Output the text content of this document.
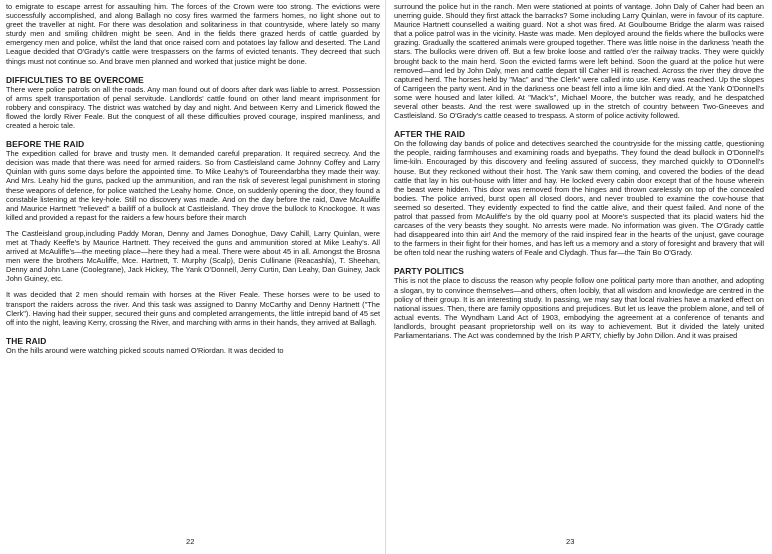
to emigrate to escape arrest for assaulting him. The forces of the Crown were too strong. The evictions were successfully accomplished, and along Ballagh no cosy fires warmed the farmers homes, no light shone out to greet the traveller at night. For there was desolation and solitariness in that countryside, where lately so many sturdy men and smiling children might be seen. And in the fields there grazed herds of cattle guarded by emergency men and police, whilst the land that once raised corn and potatoes lay fallow and deserted. The Land League decided that O'Grady's cattle were trespassers on the farms of evicted tenants. They decreed that such things must not continue so. And brave men planned and worked that justice might be done.

DIFFICULTIES TO BE OVERCOME

There were police patrols on all the roads. Any man found out of doors after dark was liable to arrest. Possession of arms spelt transportation of penal servitude. Landlords' cattle found on other land meant imprisonment for robbery and conspiracy. The district was watched by day and night. And between Kerry and Limerick flowed the flowed the lordly River Feale. But the conquest of all these difficulties proved courage, inspired manliness, and created a heroic tale.

BEFORE THE RAID

The expedition called for brave and trusty men. It demanded careful preparation. It required secrecy. And the decision was made that there was need for armed raiders. So from Castleisland came Johnny Coffey and Larry Quinlan with guns some days before the appointed time. To Mike Leahy's of Toureendarbha they made their way. And Mrs. Leahy hid the guns, packed up the ammunition, and ran the risk of severest legal punishment in storing these weapons of defence, for police watched the Leahy home. Once, on suddenly opening the door, they found a constable listening at the key-hole. Still no discovery was made. And on the day before the raid, Dave McAuliffe and Maurice Hartnett "relieved" a bailiff of a bullock at Castleisland. They drove the bullock to Knockogoe. It was killed and provided a repast for the raiders a few hours before their march

The Castleisland group,including Paddy Moran, Denny and James Donoghue, Davy Cahill, Larry Quinlan, were met at Thady Keeffe's by Maurice Hartnett. They received the guns and ammunition stored at Mike Leahy's. All arrived at McAuliffe's—the meeting place—here they had a meal. There were about 45 in all. Amongst the Brosna men were the brothers McAuliffe, Mce. Hartnett, T. Murphy (Scalp), Denis Cullinane (Reacashla), T. Sheehan, Denny and John Lane (Coolegrane), Jack Hickey, The Yank O'Donnell, Jerry Curtin, Dan Leahy, Dan Guiney, Jack John Guiney, etc.

It was decided that 2 men should remain with horses at the River Feale. These horses were to be used to transport the raiders across the river. And this task was assigned to Danny McCarthy and Denny Hartnett ("The Clerk"). Having had their supper, secured their guns and completed arrangements, the little intrepid band of 45 set off into the night, leaving Kerry, crossing the River, and marching with arms in their hands, they arrived at Ballagh.

THE RAID

On the hills around were watching picked scouts named O'Riordan. It was decided to

22

surround the police hut in the ranch. Men were stationed at points of vantage. John Daly of Caher had been an unerring guide. Should they first attack the barracks? Some including Larry Quinlan, were in favour of its capture. Maurice Hartnett counselled a waiting guard. Not a shot was fired. At Goulbourne Bridge the alarm was raised that a police patrol was in the vicinity. Haste was made. Men deployed around the fields where the bullocks were grazing. Gradually the scattered animals were grouped together. There was little noise in the darkness 'neath the stars. The bullocks were driven off. But a few broke loose and rattled o'er the railway tracks. They were quickly brought back to the main herd. Soon the evicted farms were left behind. Soon the guard at the police hut were removed—and led by John Daly, men and cattle depart till Caher Hill is reached. Across the river they drove the captured herd. The horses held by "Mac" and "the Clerk" were called into use. Kerry was reached. Up the slopes of Carrigeen the party went. And in the darkness one beast fell into a lime kiln and died. At the Yank O'Donnell's some were housed and later killed. At "Mack's", Michael Moore, the butcher was ready, and he despatched several other beasts. And the rest were swallowed up in the stretch of country between Two-Gneeves and Castleisland. So O'Grady's cattle ceased to trespass. A storm of police activity followed.

AFTER THE RAID

On the following day bands of police and detectives searched the countryside for the missing cattle, questioning the people, raiding farmhouses and examining roads and byepaths. They found the dead bullock in O'Donnell's lime-kiln. Encouraged by this discovery and feeling assured of success, they marched quickly to O'Donnell's house. But they reckoned without their host. The Yank saw them coming, and covered the bodies of the dead cattle that lay in his out-house with litter and hay. He locked every cabin door except that of the house wherein the beast were hidden. This door was removed from the hinges and thrown carelessly on top of the concealed bodies. The police arrived, burst open all closed doors, and never troubled to examine the cow-house that seemed so deserted. They evidently expected to find the cattle alive, and their quest failed. And none of the patrol that passed from McAuliffe's by the old quarry pool at Moore's suspected that its placid waters hid the carcases of the very beasts they sought. No arrests were made. No information was given. The O'Grady cattle had disappeared into thin air! And the memory of the raid inspired fear in the hearts of the unjust, gave courage to the farmers in their fight for their homes, and has left us a memory and a story of foresight and bravery that will be often told near the rushing waters of Feale and Clydagh. Thus far—the Tain Bo O'Grady.

PARTY POLITICS

This is not the place to discuss the reason why people follow one political party more than another, and adopting a slogan, try to convince themselves—and others, often locibly, that all wisdom and knowledge are centred in the policy of their group. It is an interesting study. In passing, we may say that local rivalries have a marked effect on national issues. Then, there are family oppositions and prejudices. But let us leave the problem alone, and tell of actual events. The Wyndham Land Act of 1903, embodying the agreement at a conference of tenants and landlords, brought peasant proprietorship well on its way to achievement. But it divided the lately united Parliamentarians. The Act was condemned by the Irish P ARTY, chiefly by John Dillon. And it was praised

23
